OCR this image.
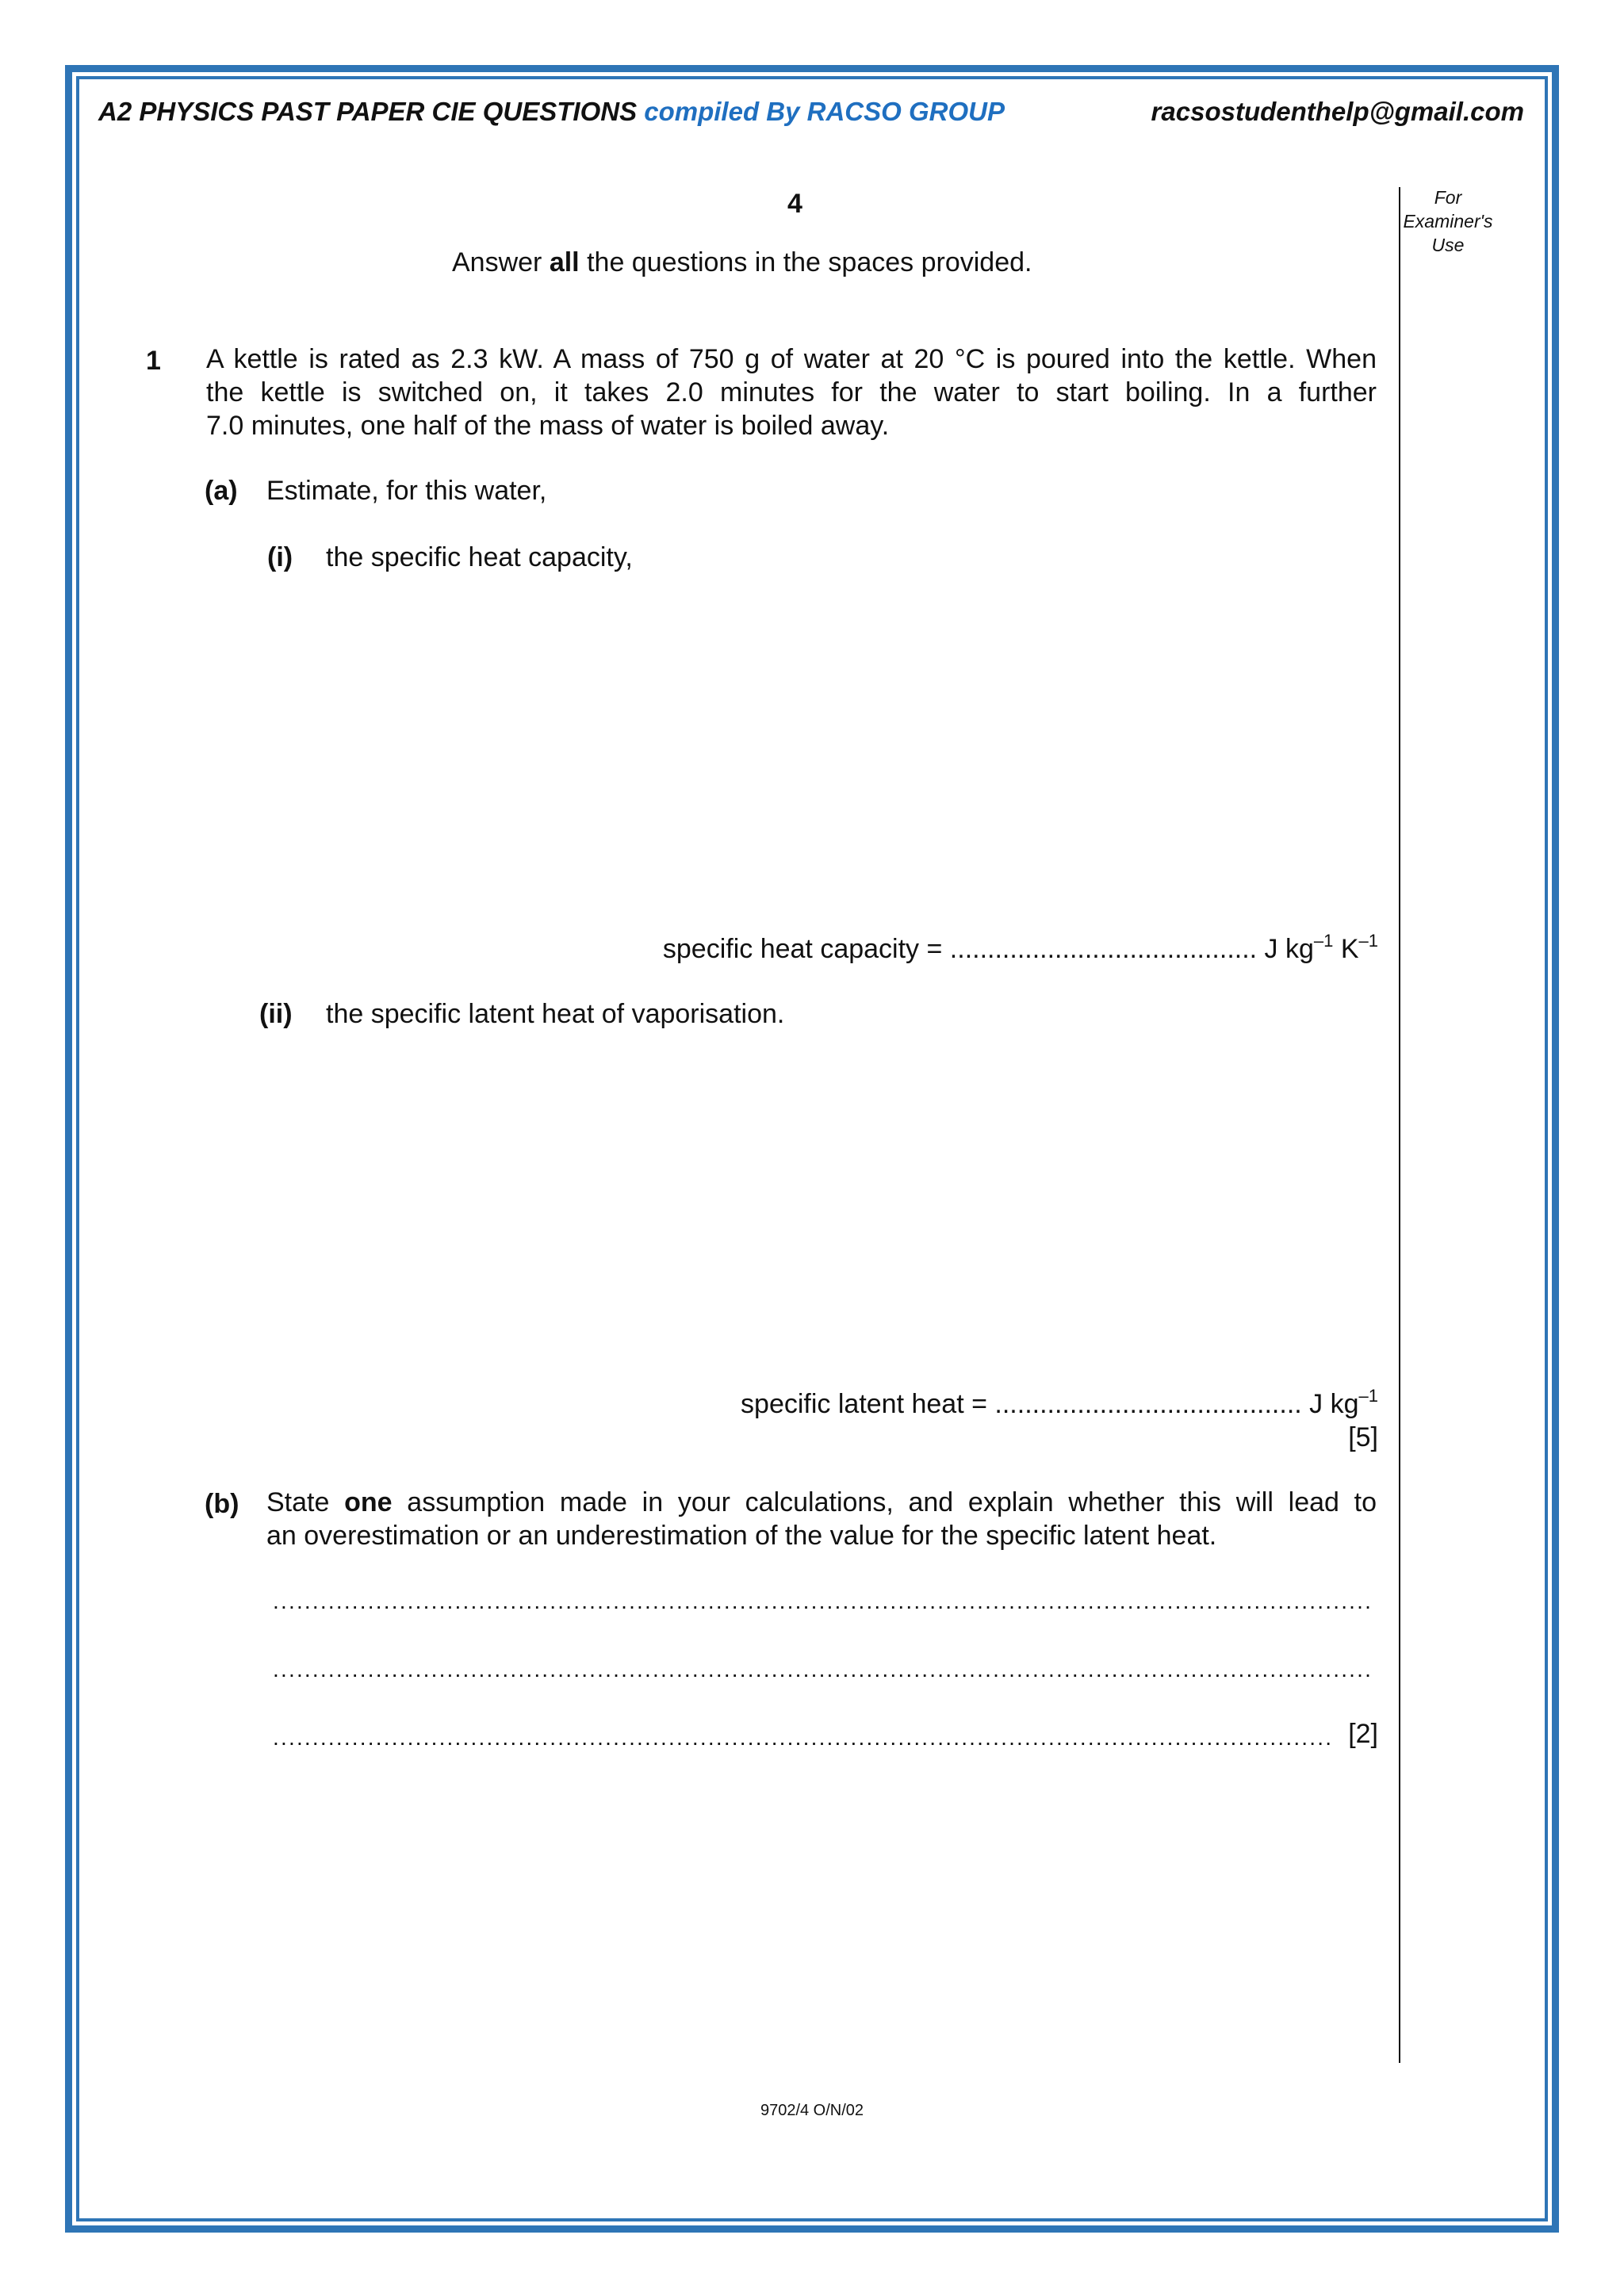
A2 PHYSICS PAST PAPER CIE QUESTIONS compiled By RACSO GROUP	racsostudenthelp@gmail.com
4	For
Examiner's
Use
Answer all the questions in the spaces provided.
1 A kettle is rated as 2.3 kW. A mass of 750 g of water at 20 °C is poured into the kettle. When
the kettle is switched on, it takes 2.0 minutes for the water to start boiling. In a further
7.0 minutes, one half of the mass of water is boiled away.
(a) Estimate, for this water,
(i) the specific heat capacity,
specific heat capacity = ......................................... J $kg^{-1}$ $K^{-1}$
(ii) the specific latent heat of vaporisation.
specific latent heat = ......................................... J $kg^{-1}$
[5]
(b) State one assumption made in your calculations, and explain whether this will lead to
an overestimation or an underestimation of the value for the specific latent heat.
...........................................................................................................................................
...........................................................................................................................................
...................................................................................................................................... [2]
9702/4 O/N/02
